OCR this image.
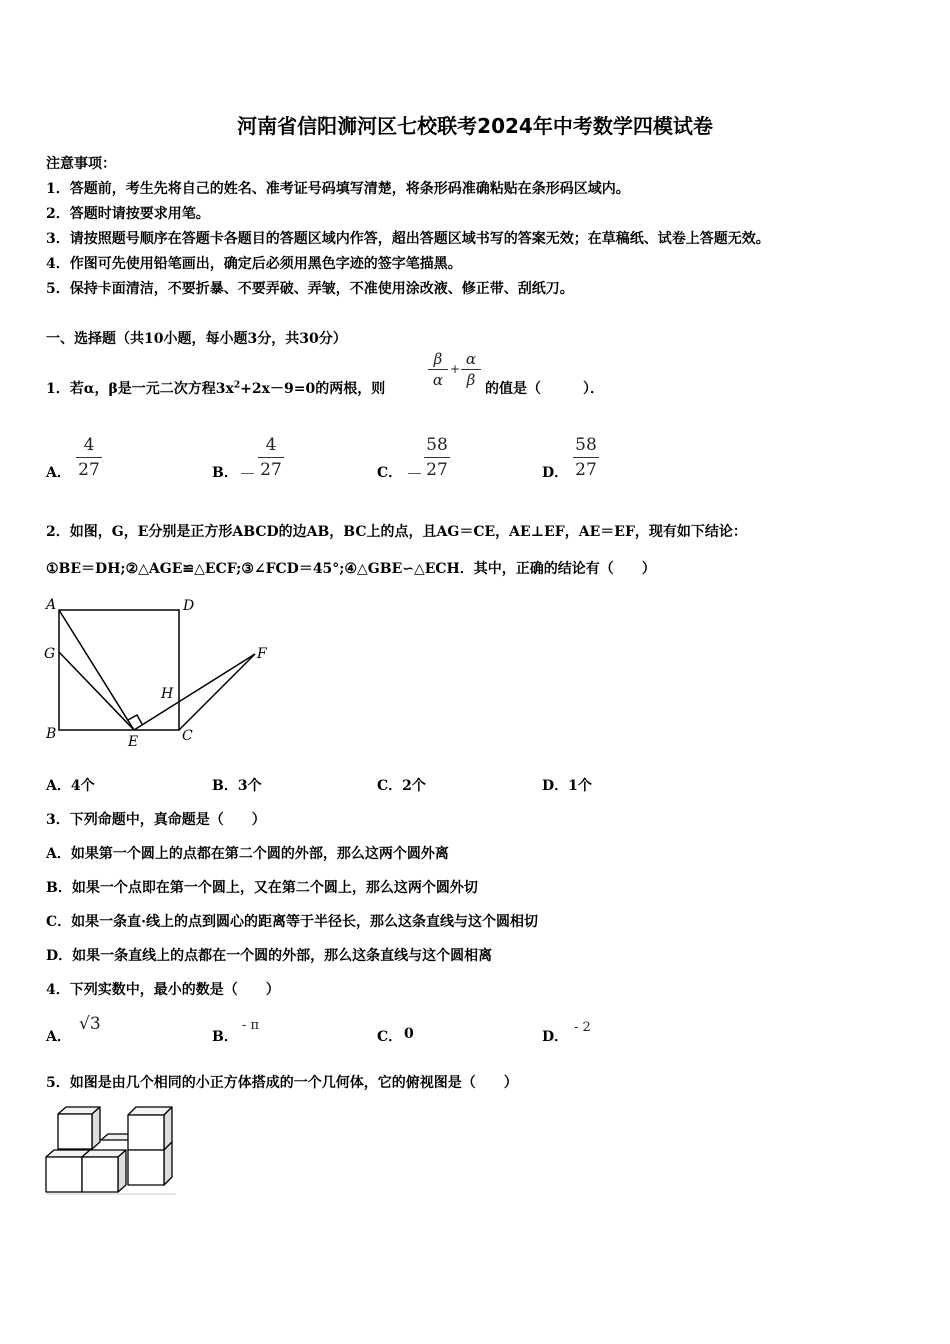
河南省信阳浉河区七校联考2024年中考数学四模试卷
注意事项：
1．答题前，考生先将自己的姓名、准考证号码填写清楚，将条形码准确粘贴在条形码区域内。
2．答题时请按要求用笔。
3．请按照题号顺序在答题卡各题目的答题区域内作答，超出答题区域书写的答案无效；在草稿纸、试卷上答题无效。
4．作图可先使用铅笔画出，确定后必须用黑色字迹的签字笔描黑。
5．保持卡面清洁，不要折暴、不要弄破、弄皱，不准使用涂改液、修正带、刮纸刀。
一、选择题（共10小题，每小题3分，共30分）
1．若α，β是一元二次方程$3x^2+2x-9=0$的两根，则
β
α
+
α
β 的值是（　　　）．
A．
4
27	B． －
4
27	C． －
58
27	D．
58
27
2．如图，G，E分别是正方形ABCD的边AB，BC上的点，且AG＝CE，AE⊥EF，AE＝EF，现有如下结论：
①BE＝DH;②△AGE≌△ECF;③∠FCD＝45°;④△GBE∽△ECH．其中，正确的结论有（　　）
A	D
G	F
H
B	E	C
A．4个	B．3个	C．2个	D．1个
3．下列命题中，真命题是（　　）
A．如果第一个圆上的点都在第二个圆的外部，那么这两个圆外离
B．如果一个点即在第一个圆上，又在第二个圆上，那么这两个圆外切
C．如果一条直·线上的点到圆心的距离等于半径长，那么这条直线与这个圆相切
D．如果一条直线上的点都在一个圆的外部，那么这条直线与这个圆相离
4．下列实数中，最小的数是（　　）
A．
√3
B．
- π
C． 0	D．
- 2
5．如图是由几个相同的小正方体搭成的一个几何体，它的俯视图是（　　）
